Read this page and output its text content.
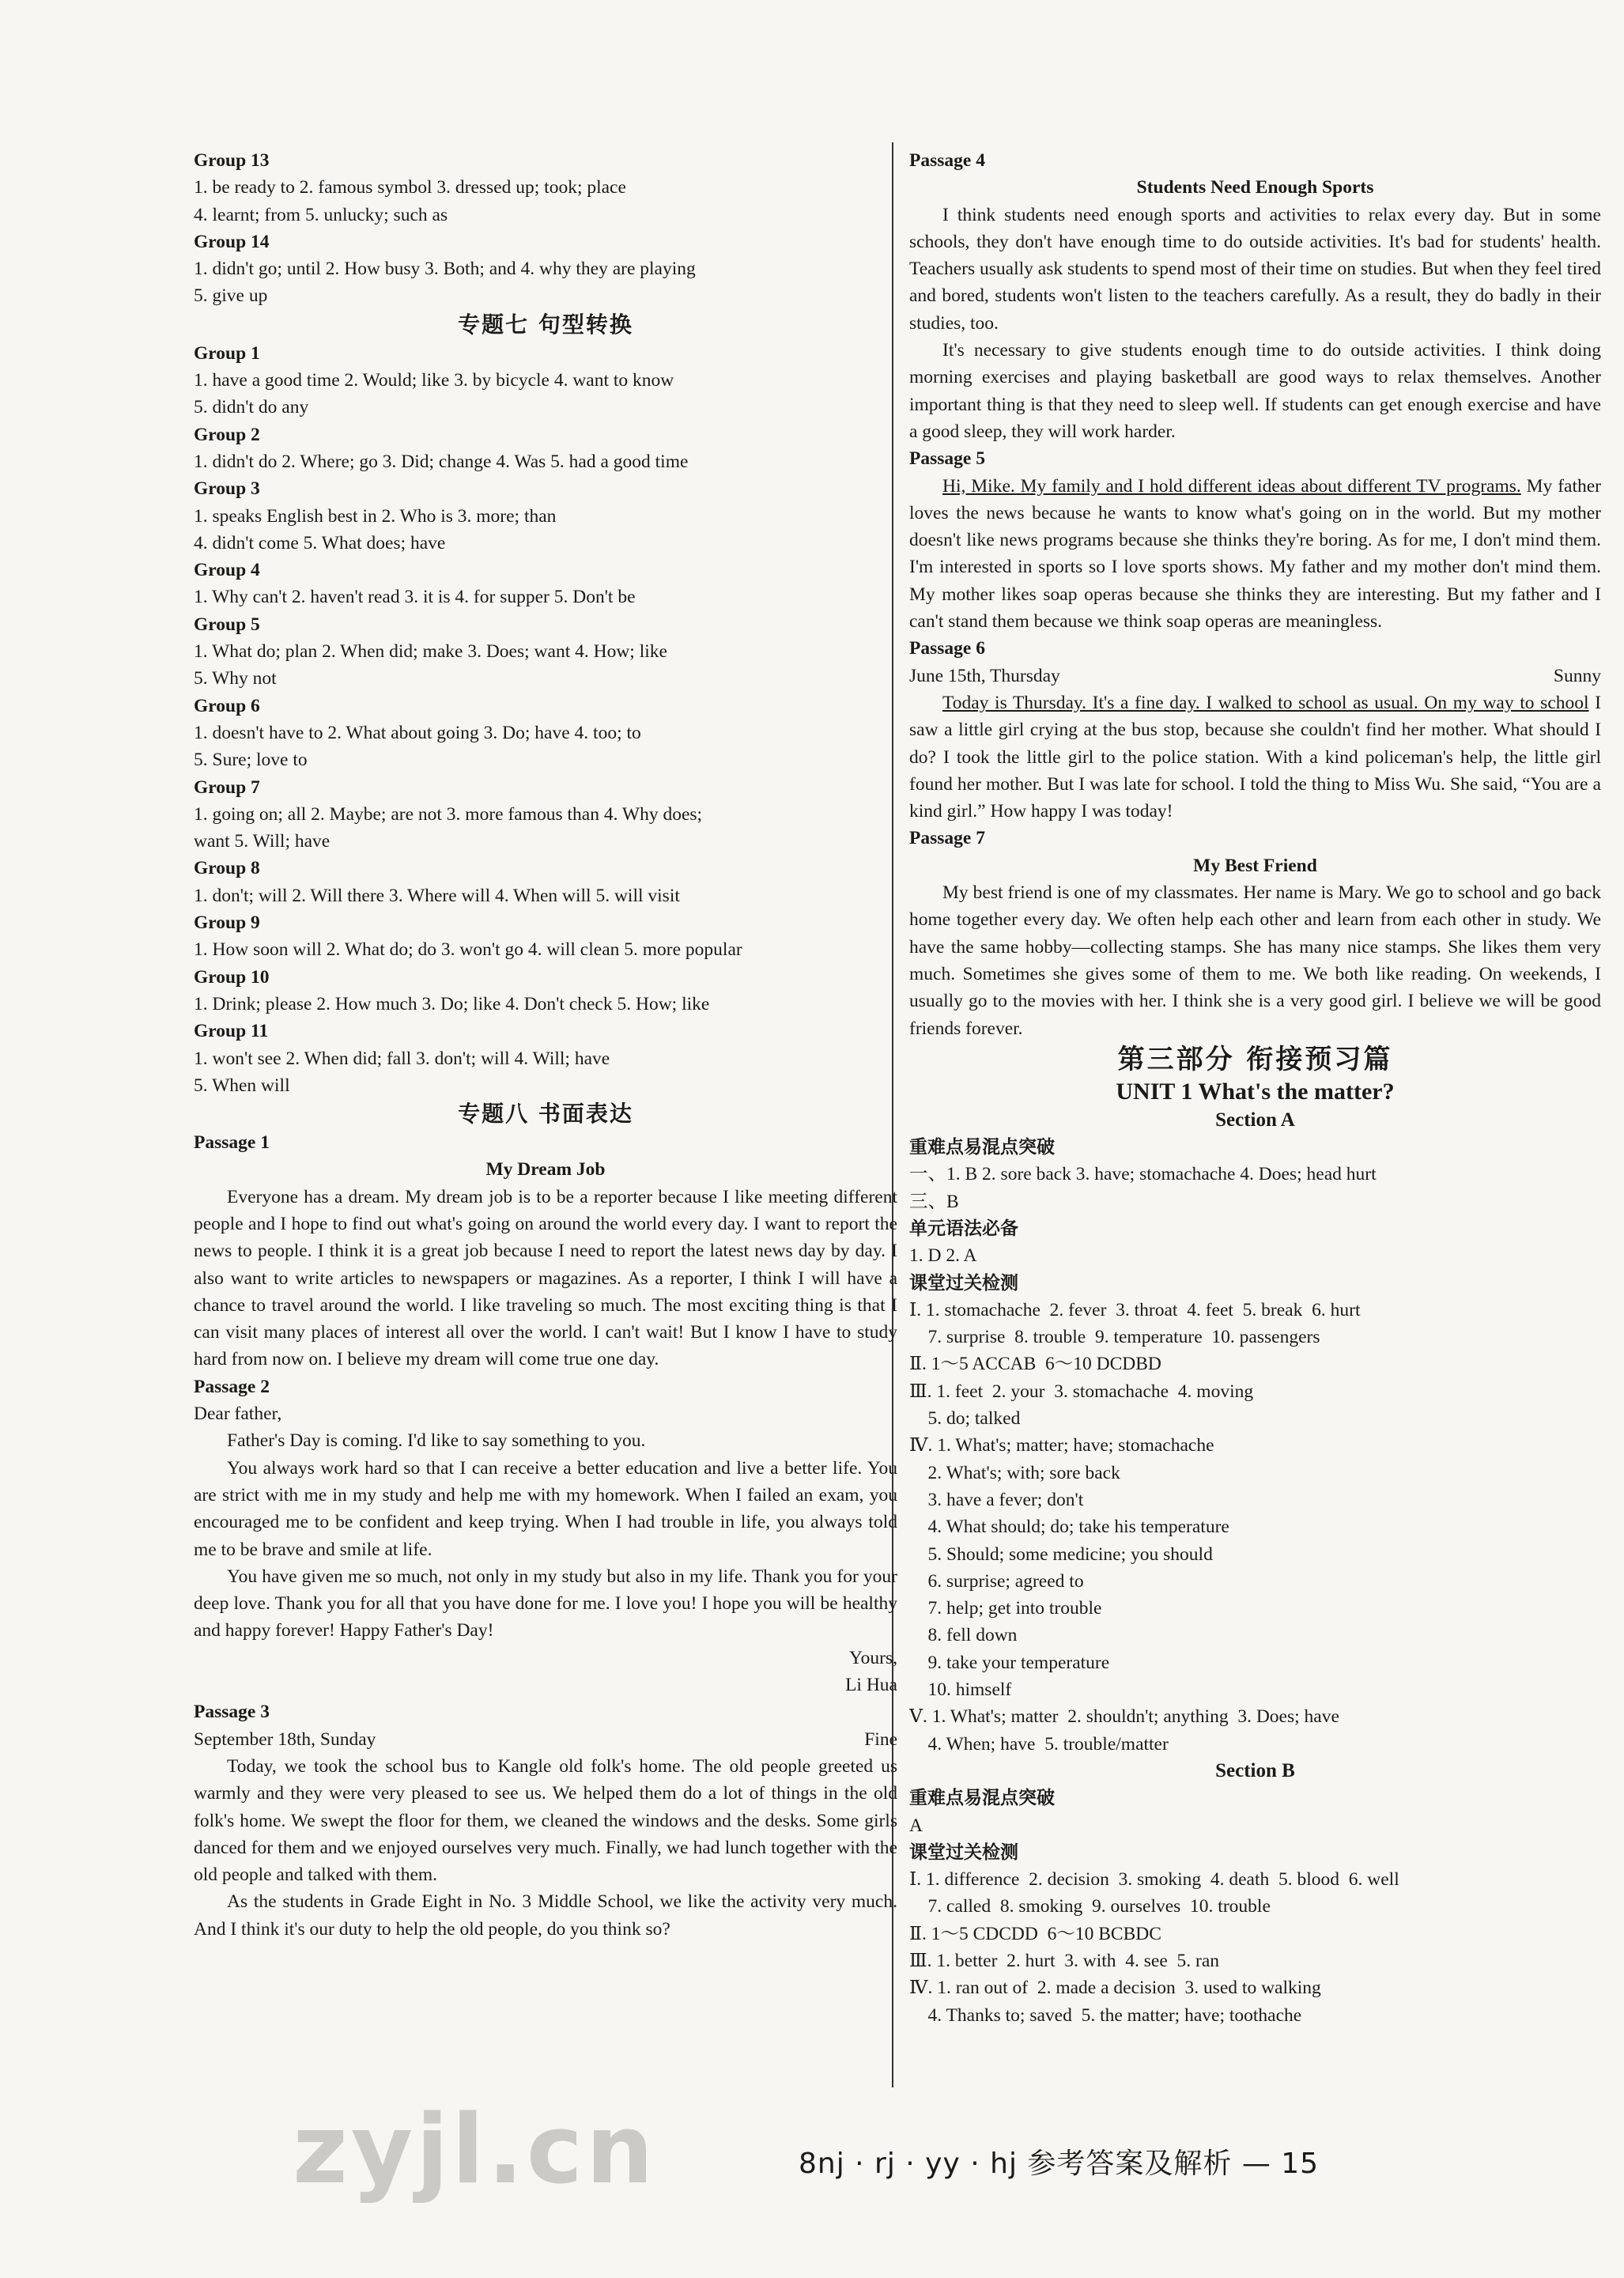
Group 13

1. be ready to 2. famous symbol 3. dressed up; took; place

4. learnt; from 5. unlucky; such as

Group 14

1. didn't go; until 2. How busy 3. Both; and 4. why they are playing

5. give up

专题七 句型转换

Group 1

1. have a good time 2. Would; like 3. by bicycle 4. want to know

5. didn't do any

Group 2

1. didn't do 2. Where; go 3. Did; change 4. Was 5. had a good time

Group 3

1. speaks English best in 2. Who is 3. more; than

4. didn't come 5. What does; have

Group 4

1. Why can't 2. haven't read 3. it is 4. for supper 5. Don't be

Group 5

1. What do; plan 2. When did; make 3. Does; want 4. How; like

5. Why not

Group 6

1. doesn't have to 2. What about going 3. Do; have 4. too; to

5. Sure; love to

Group 7

1. going on; all 2. Maybe; are not 3. more famous than 4. Why does;

want 5. Will; have

Group 8

1. don't; will 2. Will there 3. Where will 4. When will 5. will visit

Group 9

1. How soon will 2. What do; do 3. won't go 4. will clean 5. more popular

Group 10

1. Drink; please 2. How much 3. Do; like 4. Don't check 5. How; like

Group 11

1. won't see 2. When did; fall 3. don't; will 4. Will; have

5. When will

专题八 书面表达

Passage 1

My Dream Job

Everyone has a dream. My dream job is to be a reporter because I like meeting different people and I hope to find out what's going on around the world every day. I want to report the news to people. I think it is a great job because I need to report the latest news day by day. I also want to write articles to newspapers or magazines. As a reporter, I think I will have a chance to travel around the world. I like traveling so much. The most exciting thing is that I can visit many places of interest all over the world. I can't wait! But I know I have to study hard from now on. I believe my dream will come true one day.

Passage 2

Dear father,

Father's Day is coming. I'd like to say something to you.

You always work hard so that I can receive a better education and live a better life. You are strict with me in my study and help me with my homework. When I failed an exam, you encouraged me to be confident and keep trying. When I had trouble in life, you always told me to be brave and smile at life.

You have given me so much, not only in my study but also in my life. Thank you for your deep love. Thank you for all that you have done for me. I love you! I hope you will be healthy and happy forever! Happy Father's Day!

Yours,

Li Hua

Passage 3

September 18th, Sunday	Fine

Today, we took the school bus to Kangle old folk's home. The old people greeted us warmly and they were very pleased to see us. We helped them do a lot of things in the old folk's home. We swept the floor for them, we cleaned the windows and the desks. Some girls danced for them and we enjoyed ourselves very much. Finally, we had lunch together with the old people and talked with them.

As the students in Grade Eight in No. 3 Middle School, we like the activity very much. And I think it's our duty to help the old people, do you think so?

Passage 4

Students Need Enough Sports

I think students need enough sports and activities to relax every day. But in some schools, they don't have enough time to do outside activities. It's bad for students' health. Teachers usually ask students to spend most of their time on studies. But when they feel tired and bored, students won't listen to the teachers carefully. As a result, they do badly in their studies, too.

It's necessary to give students enough time to do outside activities. I think doing morning exercises and playing basketball are good ways to relax themselves. Another important thing is that they need to sleep well. If students can get enough exercise and have a good sleep, they will work harder.

Passage 5

Hi, Mike. My family and I hold different ideas about different TV programs. My father loves the news because he wants to know what's going on in the world. But my mother doesn't like news programs because she thinks they're boring. As for me, I don't mind them. I'm interested in sports so I love sports shows. My father and my mother don't mind them. My mother likes soap operas because she thinks they are interesting. But my father and I can't stand them because we think soap operas are meaningless.

Passage 6

June 15th, Thursday	Sunny

Today is Thursday. It's a fine day. I walked to school as usual. On my way to school I saw a little girl crying at the bus stop, because she couldn't find her mother. What should I do? I took the little girl to the police station. With a kind policeman's help, the little girl found her mother. But I was late for school. I told the thing to Miss Wu. She said, “You are a kind girl.” How happy I was today!

Passage 7

My Best Friend

My best friend is one of my classmates. Her name is Mary. We go to school and go back home together every day. We often help each other and learn from each other in study. We have the same hobby—collecting stamps. She has many nice stamps. She likes them very much. Sometimes she gives some of them to me. We both like reading. On weekends, I usually go to the movies with her. I think she is a very good girl. I believe we will be good friends forever.

第三部分 衔接预习篇

UNIT 1 What's the matter?

Section A

重难点易混点突破

一、1. B 2. sore back 3. have; stomachache 4. Does; head hurt

三、B

单元语法必备

1. D 2. A

课堂过关检测

Ⅰ. 1. stomachache  2. fever  3. throat  4. feet  5. break  6. hurt

7. surprise  8. trouble  9. temperature  10. passengers

Ⅱ. 1～5 ACCAB  6～10 DCDBD

Ⅲ. 1. feet  2. your  3. stomachache  4. moving

5. do; talked

Ⅳ. 1. What's; matter; have; stomachache

2. What's; with; sore back

3. have a fever; don't

4. What should; do; take his temperature

5. Should; some medicine; you should

6. surprise; agreed to

7. help; get into trouble

8. fell down

9. take your temperature

10. himself

Ⅴ. 1. What's; matter  2. shouldn't; anything  3. Does; have

4. When; have  5. trouble/matter

Section B

重难点易混点突破

A

课堂过关检测

Ⅰ. 1. difference  2. decision  3. smoking  4. death  5. blood  6. well

7. called  8. smoking  9. ourselves  10. trouble

Ⅱ. 1～5 CDCDD  6～10 BCBDC

Ⅲ. 1. better  2. hurt  3. with  4. see  5. ran

Ⅳ. 1. ran out of  2. made a decision  3. used to walking

4. Thanks to; saved  5. the matter; have; toothache

zyjl.cn	8nj · rj · yy · hj 参考答案及解析 — 15
